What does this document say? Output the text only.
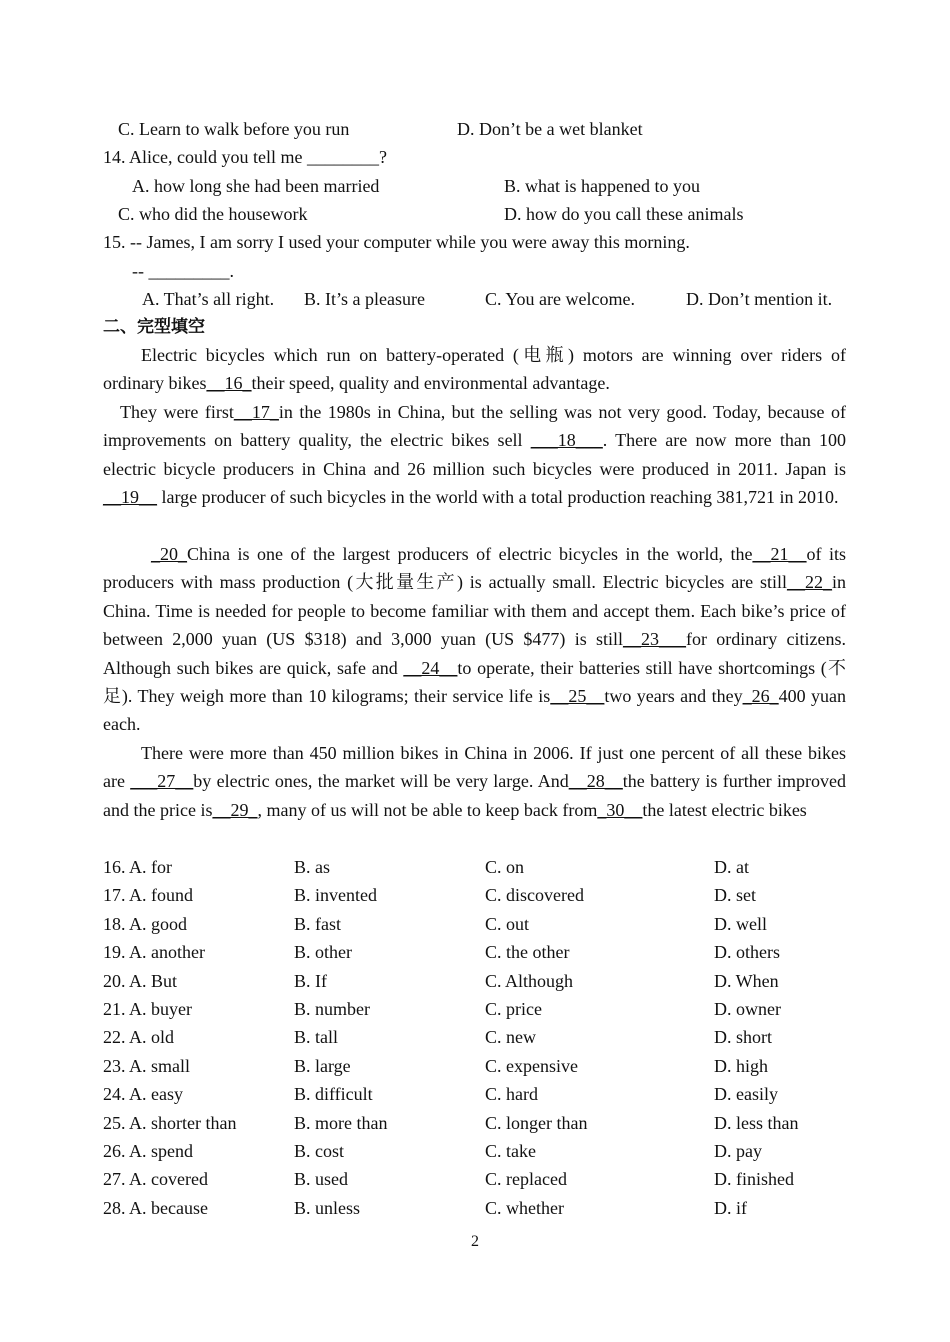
C. Learn to walk before you run	D. Don’t be a wet blanket
14. Alice, could you tell me ________?
A. how long she had been married	B. what is happened to you
C. who did the housework	D. how do you call these animals
15. -- James, I am sorry I used your computer while you were away this morning.
-- _________.
A. That’s all right. B. It’s a pleasure	C. You are welcome.	D. Don’t mention it.
二、完型填空
Electric bicycles which run on battery-operated (电瓶) motors are winning over riders of ordinary bikes__16_their speed, quality and environmental advantage.
They were first__17_in the 1980s in China, but the selling was not very good. Today, because of improvements on battery quality, the electric bikes sell ___18___. There are now more than 100 electric bicycle producers in China and 26 million such bicycles were produced in 2011. Japan is __19__ large producer of such bicycles in the world with a total production reaching 381,721 in 2010.
_20_China is one of the largest producers of electric bicycles in the world, the__21__of its producers with mass production (大批量生产) is actually small. Electric bicycles are still__22_in China. Time is needed for people to become familiar with them and accept them. Each bike’s price of between 2,000 yuan (US $318) and 3,000 yuan (US $477) is still__23___for ordinary citizens. Although such bikes are quick, safe and __24__to operate, their batteries still have shortcomings (不足). They weigh more than 10 kilograms; their service life is__25__two years and they_26_400 yuan each.
There were more than 450 million bikes in China in 2006. If just one percent of all these bikes are ___27__by electric ones, the market will be very large. And__28__the battery is further improved and the price is__29_, many of us will not be able to keep back from_30__the latest electric bikes
16. A. for	B. as	C. on	D. at
17. A. found	B. invented	C. discovered	D. set
18. A. good	B. fast	C. out	D. well
19. A. another	B. other	C. the other	D. others
20. A. But	B. If	C. Although	D. When
21. A. buyer	B. number	C. price	D. owner
22. A. old	B. tall	C. new	D. short
23. A. small	B. large	C. expensive	D. high
24. A. easy	B. difficult	C. hard	D. easily
25. A. shorter than	B. more than	C. longer than	D. less than
26. A. spend	B. cost	C. take	D. pay
27. A. covered	B. used	C. replaced	D. finished
28. A. because	B. unless	C. whether	D. if
2
